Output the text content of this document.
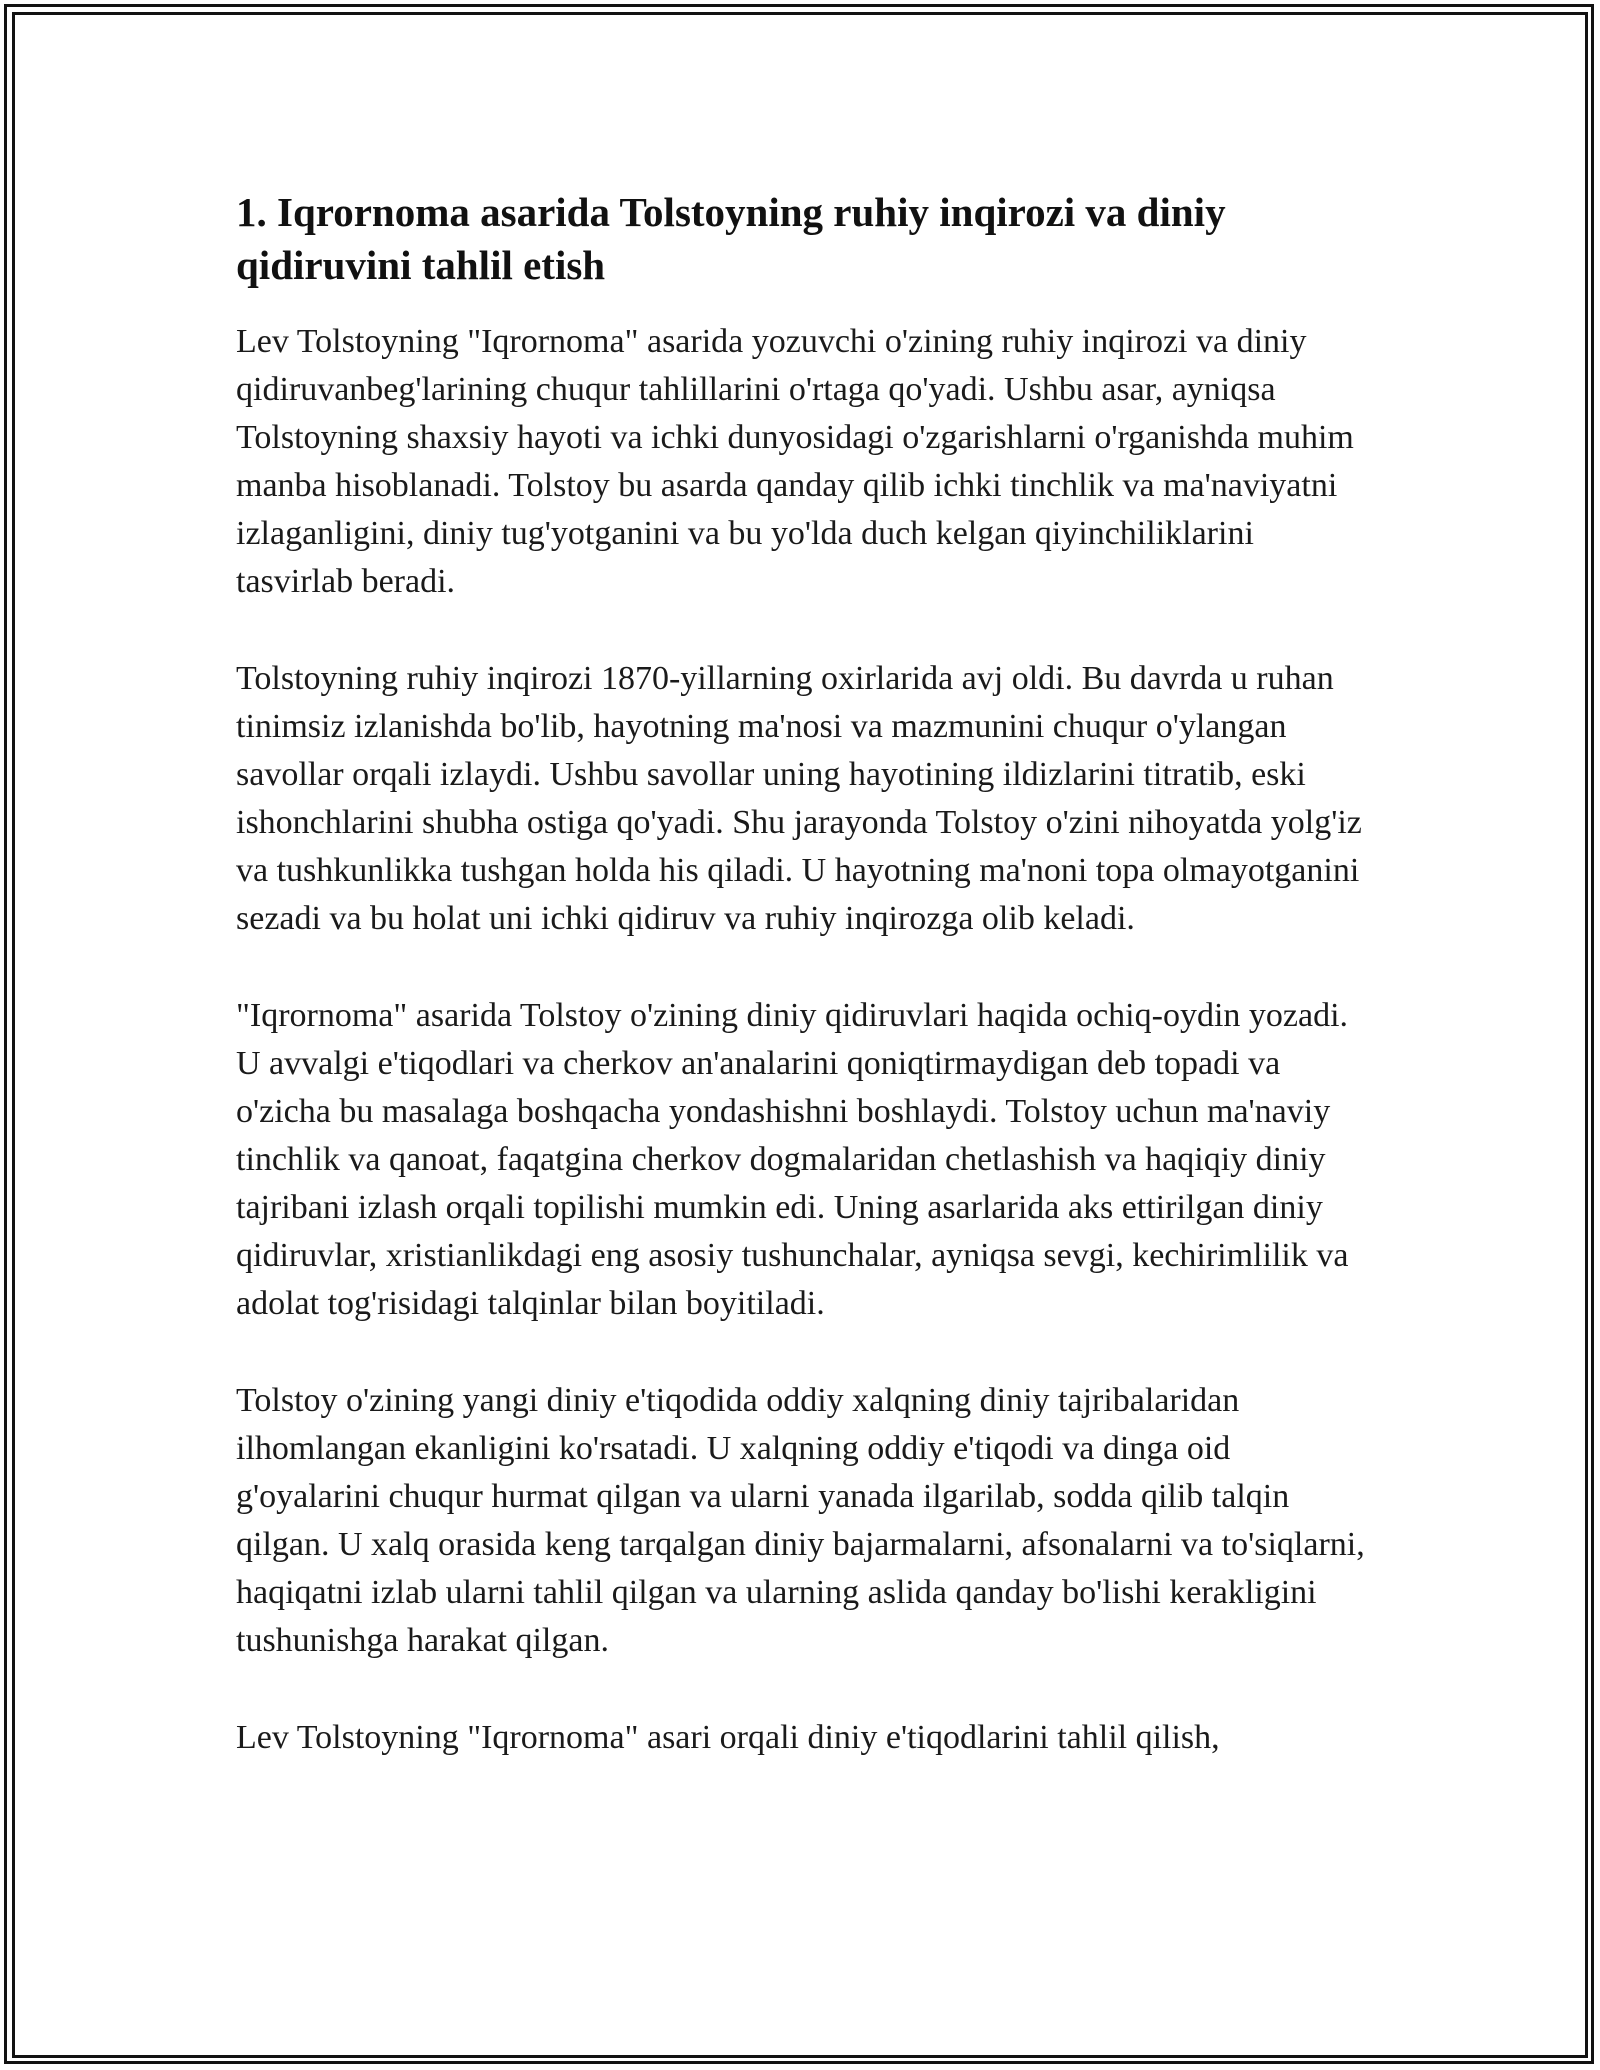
1. Iqrornoma asarida Tolstoyning ruhiy inqirozi va diniy qidiruvini tahlil etish

Lev Tolstoyning "Iqrornoma" asarida yozuvchi o'zining ruhiy inqirozi va diniy qidiruvanbeg'larining chuqur tahlillarini o'rtaga qo'yadi. Ushbu asar, ayniqsa Tolstoyning shaxsiy hayoti va ichki dunyosidagi o'zgarishlarni o'rganishda muhim manba hisoblanadi. Tolstoy bu asarda qanday qilib ichki tinchlik va ma'naviyatni izlaganligini, diniy tug'yotganini va bu yo'lda duch kelgan qiyinchiliklarini tasvirlab beradi.

Tolstoyning ruhiy inqirozi 1870-yillarning oxirlarida avj oldi. Bu davrda u ruhan tinimsiz izlanishda bo'lib, hayotning ma'nosi va mazmunini chuqur o'ylangan savollar orqali izlaydi. Ushbu savollar uning hayotining ildizlarini titratib, eski ishonchlarini shubha ostiga qo'yadi. Shu jarayonda Tolstoy o'zini nihoyatda yolg'iz va tushkunlikka tushgan holda his qiladi. U hayotning ma'noni topa olmayotganini sezadi va bu holat uni ichki qidiruv va ruhiy inqirozga olib keladi.

"Iqrornoma" asarida Tolstoy o'zining diniy qidiruvlari haqida ochiq-oydin yozadi. U avvalgi e'tiqodlari va cherkov an'analarini qoniqtirmaydigan deb topadi va o'zicha bu masalaga boshqacha yondashishni boshlaydi. Tolstoy uchun ma'naviy tinchlik va qanoat, faqatgina cherkov dogmalaridan chetlashish va haqiqiy diniy tajribani izlash orqali topilishi mumkin edi. Uning asarlarida aks ettirilgan diniy qidiruvlar, xristianlikdagi eng asosiy tushunchalar, ayniqsa sevgi, kechirimlilik va adolat tog'risidagi talqinlar bilan boyitiladi.

Tolstoy o'zining yangi diniy e'tiqodida oddiy xalqning diniy tajribalaridan ilhomlangan ekanligini ko'rsatadi. U xalqning oddiy e'tiqodi va dinga oid g'oyalarini chuqur hurmat qilgan va ularni yanada ilgarilab, sodda qilib talqin qilgan. U xalq orasida keng tarqalgan diniy bajarmalarni, afsonalarni va to'siqlarni, haqiqatni izlab ularni tahlil qilgan va ularning aslida qanday bo'lishi kerakligini tushunishga harakat qilgan.

Lev Tolstoyning "Iqrornoma" asari orqali diniy e'tiqodlarini tahlil qilish,
